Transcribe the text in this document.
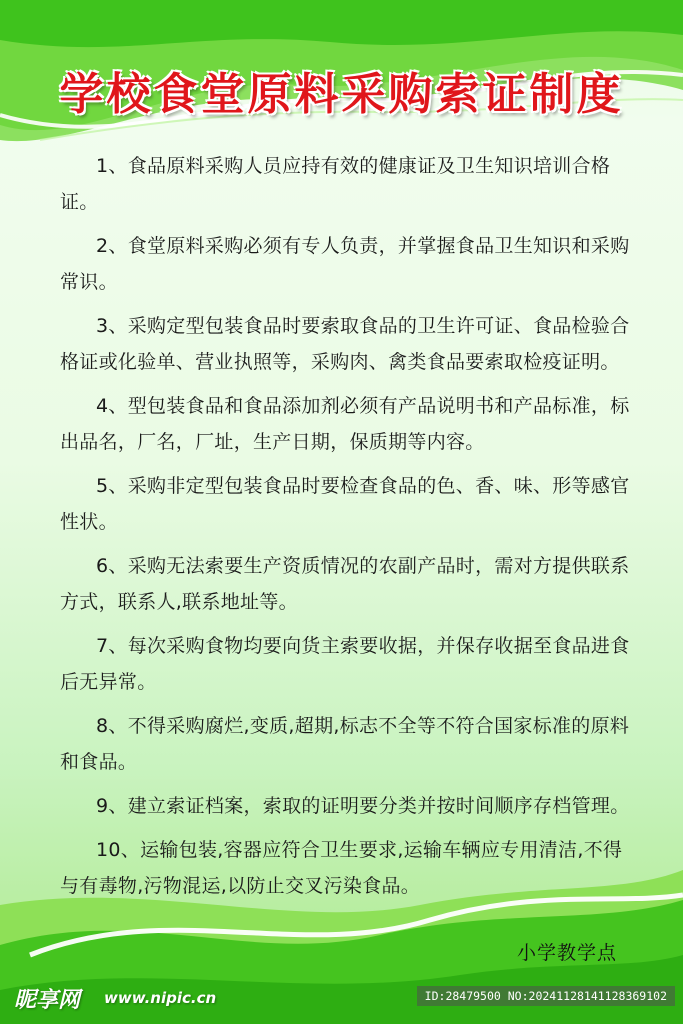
学校食堂原料采购索证制度
1、食品原料采购人员应持有效的健康证及卫生知识培训合格证。
2、食堂原料采购必须有专人负责，并掌握食品卫生知识和采购常识。
3、采购定型包装食品时要索取食品的卫生许可证、食品检验合格证或化验单、营业执照等，采购肉、禽类食品要索取检疫证明。
4、型包装食品和食品添加剂必须有产品说明书和产品标准，标出品名，厂名，厂址，生产日期，保质期等内容。
5、采购非定型包装食品时要检查食品的色、香、味、形等感官性状。
6、采购无法索要生产资质情况的农副产品时，需对方提供联系方式，联系人,联系地址等。
7、每次采购食物均要向货主索要收据，并保存收据至食品进食后无异常。
8、不得采购腐烂,变质,超期,标志不全等不符合国家标准的原料和食品。
9、建立索证档案，索取的证明要分类并按时间顺序存档管理。
10、运输包装,容器应符合卫生要求,运输车辆应专用清洁,不得与有毒物,污物混运,以防止交叉污染食品。
小学教学点
昵享网 www.nipic.cn	ID:28479500 NO:20241128141128369102
